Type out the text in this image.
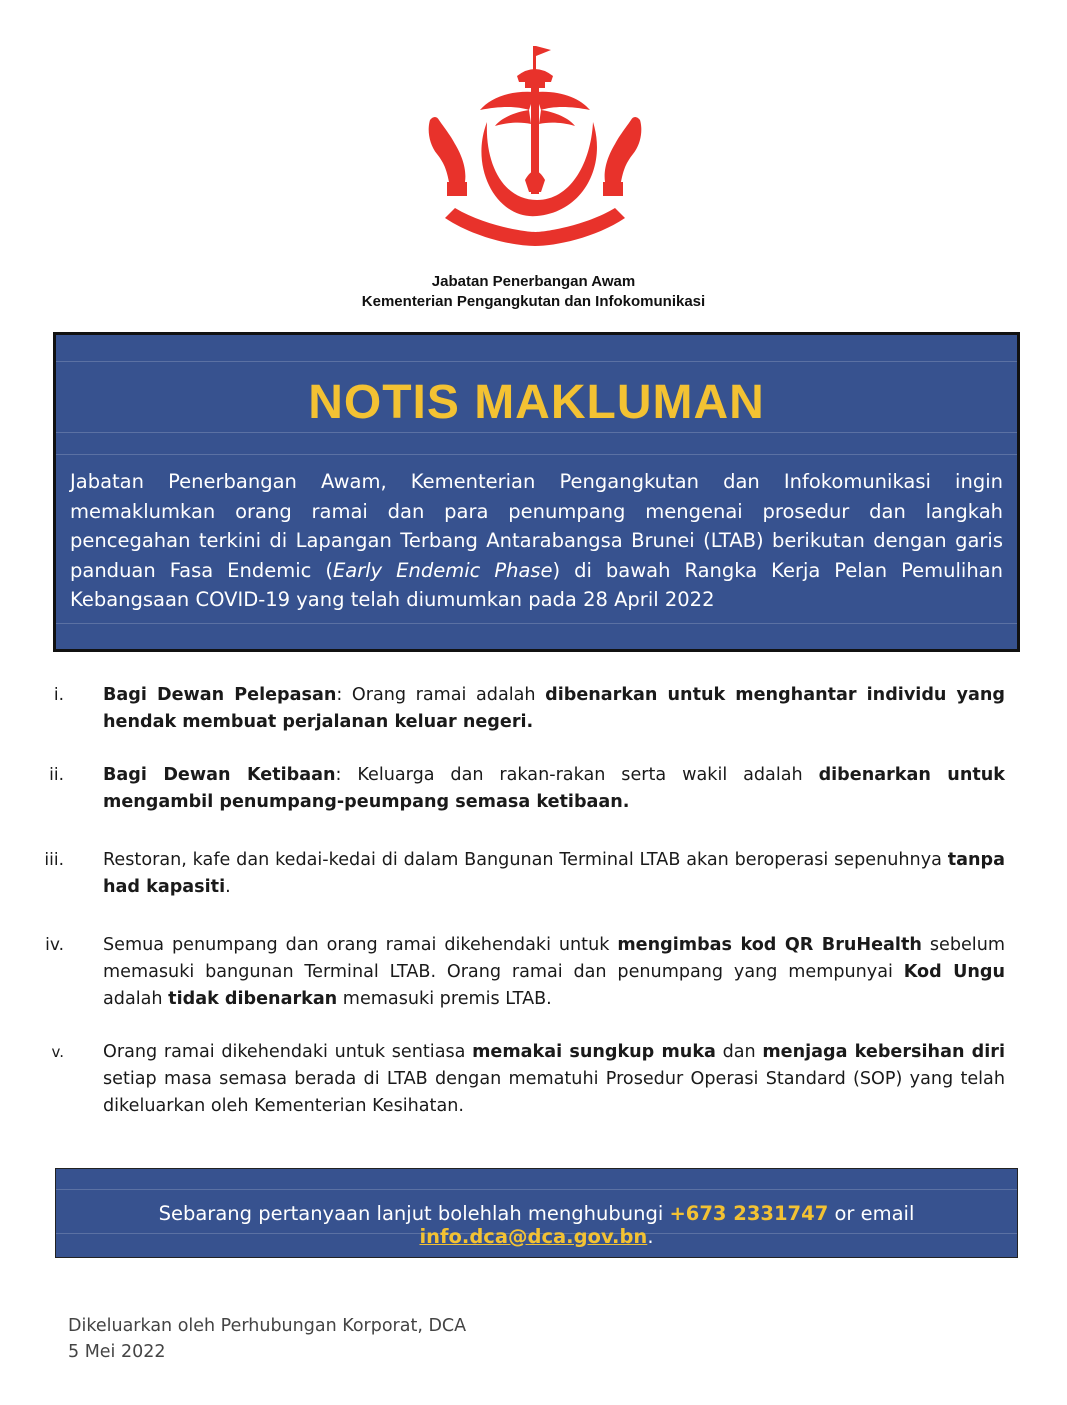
Jabatan Penerbangan Awam
Kementerian Pengangkutan dan Infokomunikasi
NOTIS MAKLUMAN
Jabatan Penerbangan Awam, Kementerian Pengangkutan dan Infokomunikasi ingin memaklumkan orang ramai dan para penumpang mengenai prosedur dan langkah pencegahan terkini di Lapangan Terbang Antarabangsa Brunei (LTAB) berikutan dengan garis panduan Fasa Endemic (Early Endemic Phase) di bawah Rangka Kerja Pelan Pemulihan Kebangsaan COVID-19 yang telah diumumkan pada 28 April 2022
i. Bagi Dewan Pelepasan: Orang ramai adalah dibenarkan untuk menghantar individu yang hendak membuat perjalanan keluar negeri.
ii. Bagi Dewan Ketibaan: Keluarga dan rakan-rakan serta wakil adalah dibenarkan untuk mengambil penumpang-peumpang semasa ketibaan.
iii. Restoran, kafe dan kedai-kedai di dalam Bangunan Terminal LTAB akan beroperasi sepenuhnya tanpa had kapasiti.
iv. Semua penumpang dan orang ramai dikehendaki untuk mengimbas kod QR BruHealth sebelum memasuki bangunan Terminal LTAB. Orang ramai dan penumpang yang mempunyai Kod Ungu adalah tidak dibenarkan memasuki premis LTAB.
v. Orang ramai dikehendaki untuk sentiasa memakai sungkup muka dan menjaga kebersihan diri setiap masa semasa berada di LTAB dengan mematuhi Prosedur Operasi Standard (SOP) yang telah dikeluarkan oleh Kementerian Kesihatan.
Sebarang pertanyaan lanjut bolehlah menghubungi +673 2331747 or email info.dca@dca.gov.bn.
Dikeluarkan oleh Perhubungan Korporat, DCA
5 Mei 2022
